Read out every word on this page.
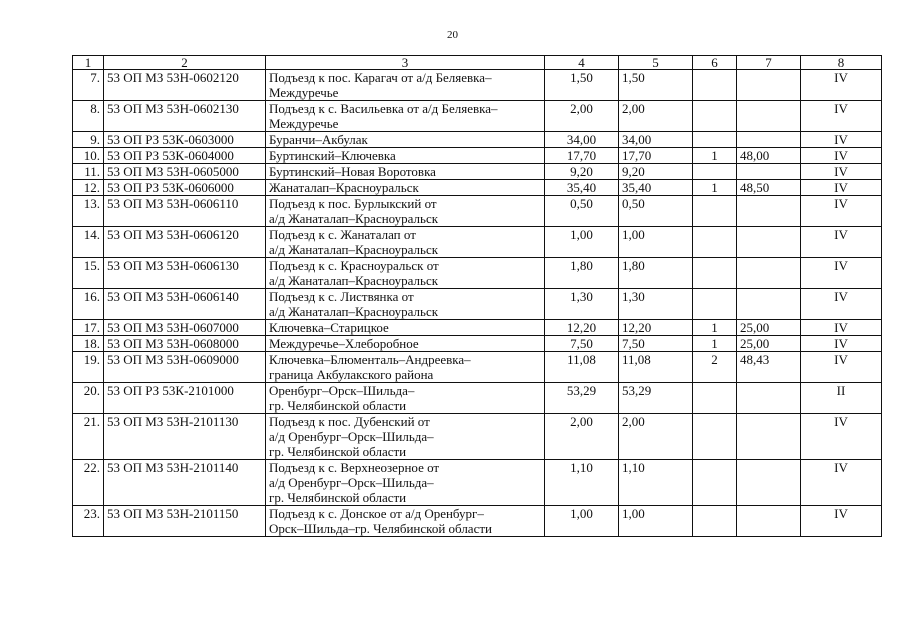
20
1	2	3	4	5	6	7	8
7.	53 ОП МЗ 53Н-0602120	Подъезд к пос. Карагач от а/д Беляевка–
Междуречье	1,50	1,50			IV
8.	53 ОП МЗ 53Н-0602130	Подъезд к с. Васильевка от а/д Беляевка–
Междуречье	2,00	2,00			IV
9.	53 ОП РЗ 53К-0603000	Буранчи–Акбулак	34,00	34,00			IV
10.	53 ОП РЗ 53К-0604000	Буртинский–Ключевка	17,70	17,70	1	48,00	IV
11.	53 ОП МЗ 53Н-0605000	Буртинский–Новая Воротовка	9,20	9,20			IV
12.	53 ОП РЗ 53К-0606000	Жанаталап–Красноуральск	35,40	35,40	1	48,50	IV
13.	53 ОП МЗ 53Н-0606110	Подъезд к пос. Бурлыкский от
а/д Жанаталап–Красноуральск	0,50	0,50			IV
14.	53 ОП МЗ 53Н-0606120	Подъезд к с. Жанаталап от
а/д Жанаталап–Красноуральск	1,00	1,00			IV
15.	53 ОП МЗ 53Н-0606130	Подъезд к с. Красноуральск от
а/д Жанаталап–Красноуральск	1,80	1,80			IV
16.	53 ОП МЗ 53Н-0606140	Подъезд к с. Листвянка от
а/д Жанаталап–Красноуральск	1,30	1,30			IV
17.	53 ОП МЗ 53Н-0607000	Ключевка–Старицкое	12,20	12,20	1	25,00	IV
18.	53 ОП МЗ 53Н-0608000	Междуречье–Хлеборобное	7,50	7,50	1	25,00	IV
19.	53 ОП МЗ 53Н-0609000	Ключевка–Блюменталь–Андреевка–
граница Акбулакского района	11,08	11,08	2	48,43	IV
20.	53 ОП РЗ 53К-2101000	Оренбург–Орск–Шильда–
гр. Челябинской области	53,29	53,29			II
21.	53 ОП МЗ 53Н-2101130	Подъезд к пос. Дубенский от
а/д Оренбург–Орск–Шильда–
гр. Челябинской области	2,00	2,00			IV
22.	53 ОП МЗ 53Н-2101140	Подъезд к с. Верхнеозерное от
а/д Оренбург–Орск–Шильда–
гр. Челябинской области	1,10	1,10			IV
23.	53 ОП МЗ 53Н-2101150	Подъезд к с. Донское от а/д Оренбург–
Орск–Шильда–гр. Челябинской области	1,00	1,00			IV
